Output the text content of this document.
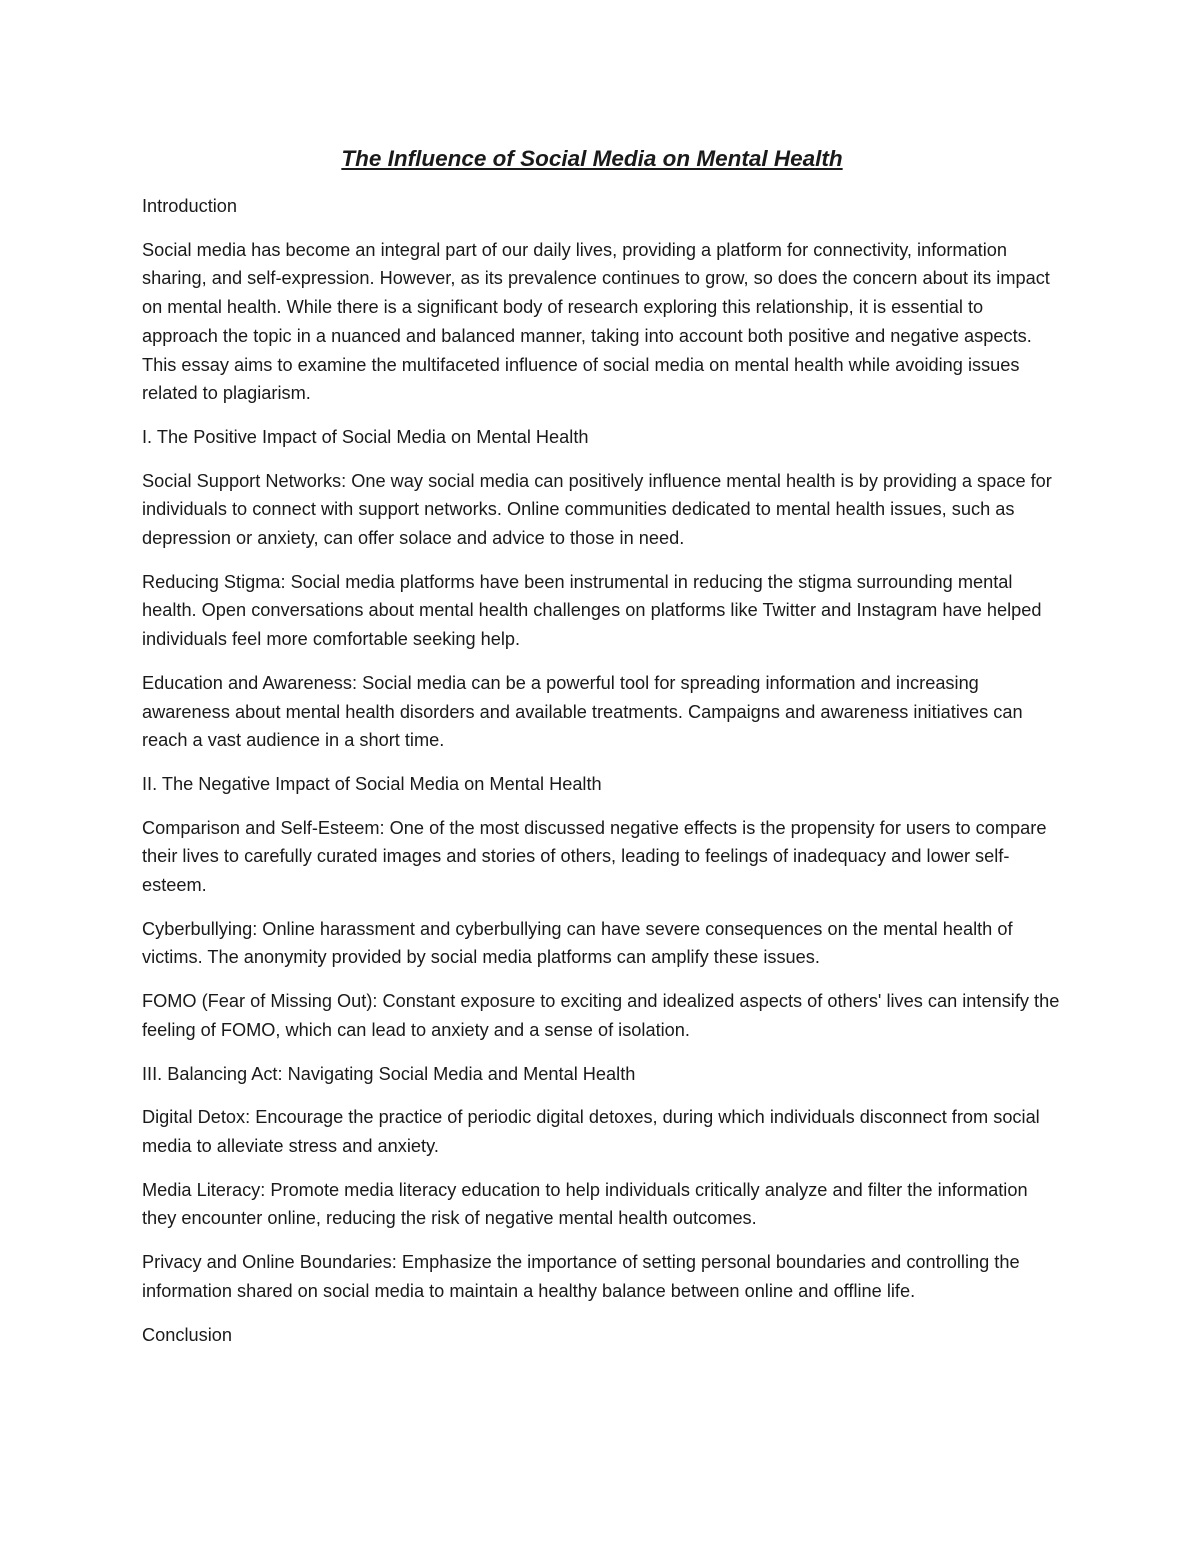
The Influence of Social Media on Mental Health
Introduction
Social media has become an integral part of our daily lives, providing a platform for connectivity, information sharing, and self-expression. However, as its prevalence continues to grow, so does the concern about its impact on mental health. While there is a significant body of research exploring this relationship, it is essential to approach the topic in a nuanced and balanced manner, taking into account both positive and negative aspects. This essay aims to examine the multifaceted influence of social media on mental health while avoiding issues related to plagiarism.
I. The Positive Impact of Social Media on Mental Health
Social Support Networks: One way social media can positively influence mental health is by providing a space for individuals to connect with support networks. Online communities dedicated to mental health issues, such as depression or anxiety, can offer solace and advice to those in need.
Reducing Stigma: Social media platforms have been instrumental in reducing the stigma surrounding mental health. Open conversations about mental health challenges on platforms like Twitter and Instagram have helped individuals feel more comfortable seeking help.
Education and Awareness: Social media can be a powerful tool for spreading information and increasing awareness about mental health disorders and available treatments. Campaigns and awareness initiatives can reach a vast audience in a short time.
II. The Negative Impact of Social Media on Mental Health
Comparison and Self-Esteem: One of the most discussed negative effects is the propensity for users to compare their lives to carefully curated images and stories of others, leading to feelings of inadequacy and lower self-esteem.
Cyberbullying: Online harassment and cyberbullying can have severe consequences on the mental health of victims. The anonymity provided by social media platforms can amplify these issues.
FOMO (Fear of Missing Out): Constant exposure to exciting and idealized aspects of others' lives can intensify the feeling of FOMO, which can lead to anxiety and a sense of isolation.
III. Balancing Act: Navigating Social Media and Mental Health
Digital Detox: Encourage the practice of periodic digital detoxes, during which individuals disconnect from social media to alleviate stress and anxiety.
Media Literacy: Promote media literacy education to help individuals critically analyze and filter the information they encounter online, reducing the risk of negative mental health outcomes.
Privacy and Online Boundaries: Emphasize the importance of setting personal boundaries and controlling the information shared on social media to maintain a healthy balance between online and offline life.
Conclusion
